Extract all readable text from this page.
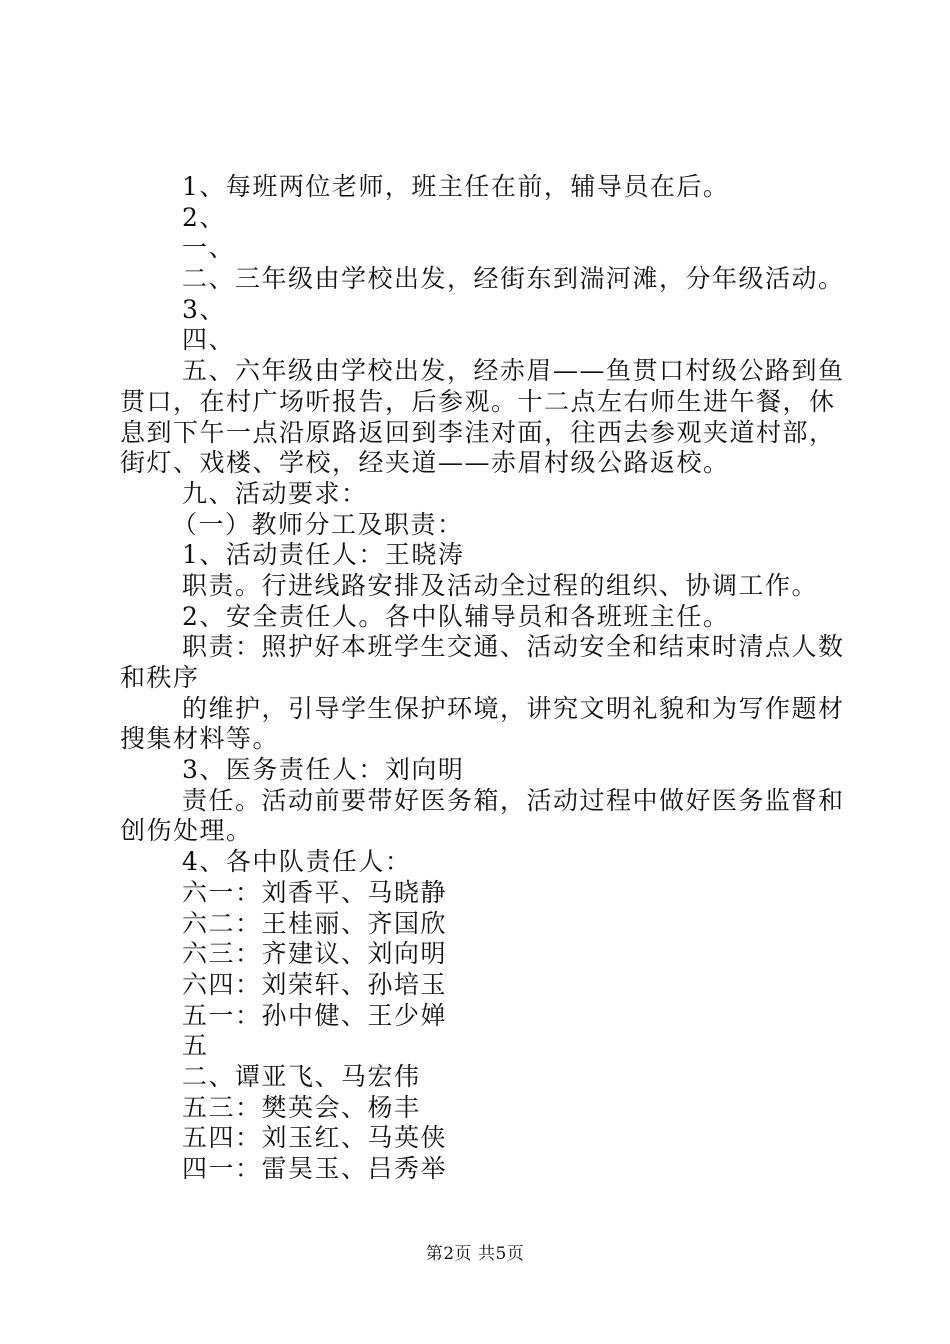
1、每班两位老师，班主任在前，辅导员在后。
2、
一、
二、三年级由学校出发，经街东到湍河滩，分年级活动。
3、
四、
五、六年级由学校出发，经赤眉——鱼贯口村级公路到鱼
贯口，在村广场听报告，后参观。十二点左右师生进午餐，休
息到下午一点沿原路返回到李洼对面，往西去参观夹道村部，
街灯、戏楼、学校，经夹道——赤眉村级公路返校。
九、活动要求：
（一）教师分工及职责：
1、活动责任人：王晓涛
职责。行进线路安排及活动全过程的组织、协调工作。
2、安全责任人。各中队辅导员和各班班主任。
职责：照护好本班学生交通、活动安全和结束时清点人数
和秩序
的维护，引导学生保护环境，讲究文明礼貌和为写作题材
搜集材料等。
3、医务责任人：刘向明
责任。活动前要带好医务箱，活动过程中做好医务监督和
创伤处理。
4、各中队责任人：
六一：刘香平、马晓静
六二：王桂丽、齐国欣
六三：齐建议、刘向明
六四：刘荣轩、孙培玉
五一：孙中健、王少婵
五
二、谭亚飞、马宏伟
五三：樊英会、杨丰
五四：刘玉红、马英侠
四一：雷昊玉、吕秀举
第2页 共5页
